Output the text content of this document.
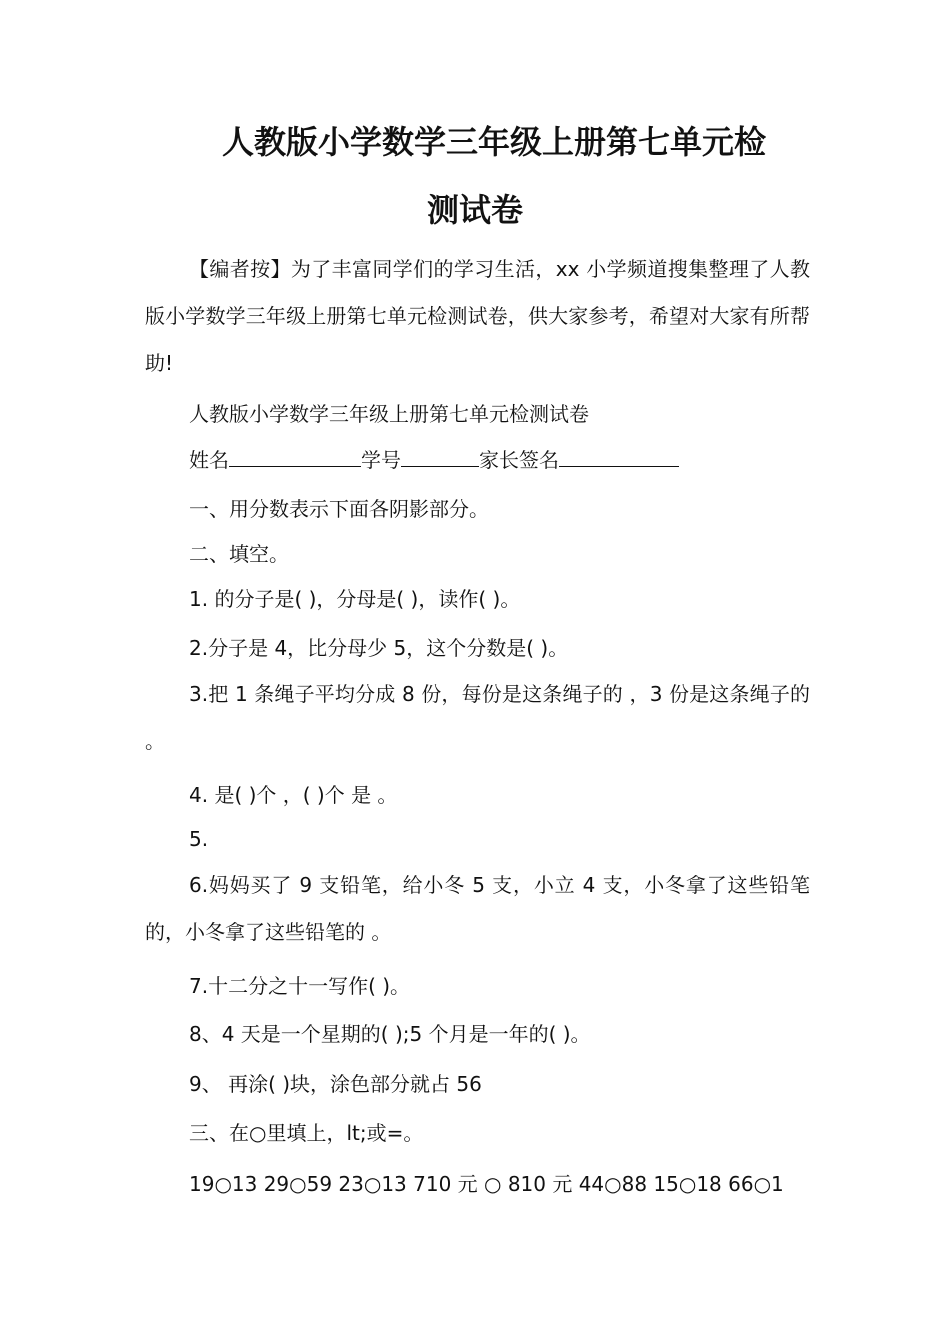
人教版小学数学三年级上册第七单元检
测试卷

【编者按】为了丰富同学们的学习生活，xx 小学频道搜集整理了人教版小学数学三年级上册第七单元检测试卷，供大家参考，希望对大家有所帮助!

人教版小学数学三年级上册第七单元检测试卷

姓名	学号	家长签名

一、用分数表示下面各阴影部分。

二、填空。

1. 的分子是( )，分母是( )，读作( )。

2.分子是 4，比分母少 5，这个分数是( )。

3.把 1 条绳子平均分成 8 份，每份是这条绳子的 ，3 份是这条绳子的 。

4. 是( )个 ，( )个 是 。

5.

6.妈妈买了 9 支铅笔，给小冬 5 支，小立 4 支，小冬拿了这些铅笔的，小冬拿了这些铅笔的 。

7.十二分之十一写作( )。

8、4 天是一个星期的( );5 个月是一年的( )。

9、 再涂( )块，涂色部分就占 56

三、在○里填上，lt;或=。

19○13 29○59 23○13 710 元 ○ 810 元 44○88 15○18 66○1
